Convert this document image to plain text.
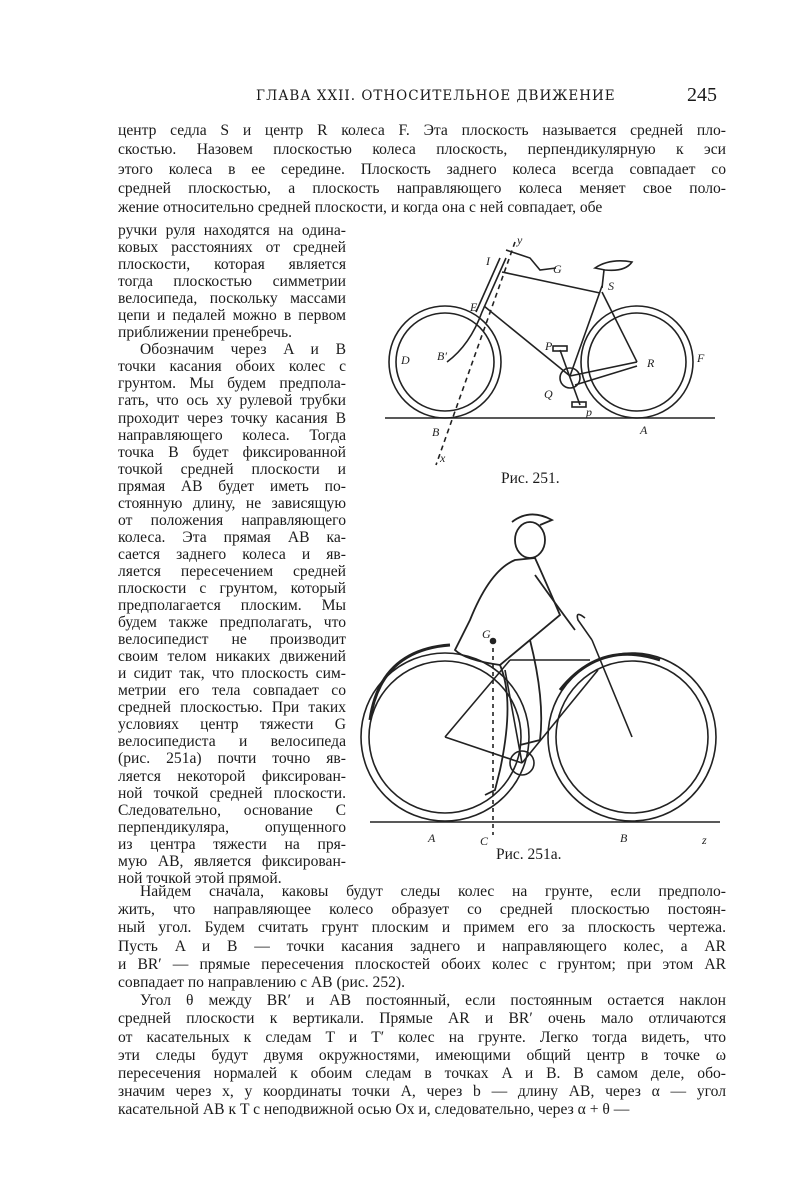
ГЛАВА XXII. ОТНОСИТЕЛЬНОЕ ДВИЖЕНИЕ	245
центр седла S и центр R колеса F. Эта плоскость называется средней пло-
скостью. Назовем плоскостью колеса плоскость, перпендикулярную к эси
этого колеса в ее середине. Плоскость заднего колеса всегда совпадает со
средней плоскостью, а плоскость направляющего колеса меняет свое поло-
жение относительно средней плоскости, и когда она с ней совпадает, обе
ручки руля находятся на одина-
ковых расстояниях от средней
плоскости, которая является
тогда плоскостью симметрии
велосипеда, поскольку массами
цепи и педалей можно в первом
приближении пренебречь.
Обозначим через A и B
точки касания обоих колес с
грунтом. Мы будем предпола-
гать, что ось xy рулевой трубки
проходит через точку касания B
направляющего колеса. Тогда
точка B будет фиксированной
точкой средней плоскости и
прямая AB будет иметь по-
стоянную длину, не зависящую
от положения направляющего
колеса. Эта прямая AB ка-
сается заднего колеса и яв-
ляется пересечением средней
плоскости с грунтом, который
предполагается плоским. Мы
будем также предполагать, что
велосипедист не производит
своим телом никаких движений
и сидит так, что плоскость сим-
метрии его тела совпадает со
средней плоскостью. При таких
условиях центр тяжести G
велосипедиста и велосипеда
(рис. 251a) почти точно яв-
ляется некоторой фиксирован-
ной точкой средней плоскости.
Следовательно, основание C
перпендикуляра, опущенного
из центра тяжести на пря-
мую AB, является фиксирован-
ной точкой этой прямой.
Найдем сначала, каковы будут следы колес на грунте, если предполо-
жить, что направляющее колесо образует со средней плоскостью постоян-
ный угол. Будем считать грунт плоским и примем его за плоскость чертежа.
Пусть A и B — точки касания заднего и направляющего колес, а AR
и BR′ — прямые пересечения плоскостей обоих колес с грунтом; при этом AR
совпадает по направлению с AB (рис. 252).
Угол θ между BR′ и AB постоянный, если постоянным остается наклон
средней плоскости к вертикали. Прямые AR и BR′ очень мало отличаются
от касательных к следам T и T′ колес на грунте. Легко тогда видеть, что
эти следы будут двумя окружностями, имеющими общий центр в точке ω
пересечения нормалей к обоим следам в точках A и B. В самом деле, обо-
значим через x, y координаты точки A, через b — длину AB, через α — угол
касательной AB к T с неподвижной осью Ox и, следовательно, через α + θ —
y
I
G
S
E
P
B′
D	R	F
Q
p
B	A
x
G
A	C	B	z
Рис. 251.
Рис. 251a.
